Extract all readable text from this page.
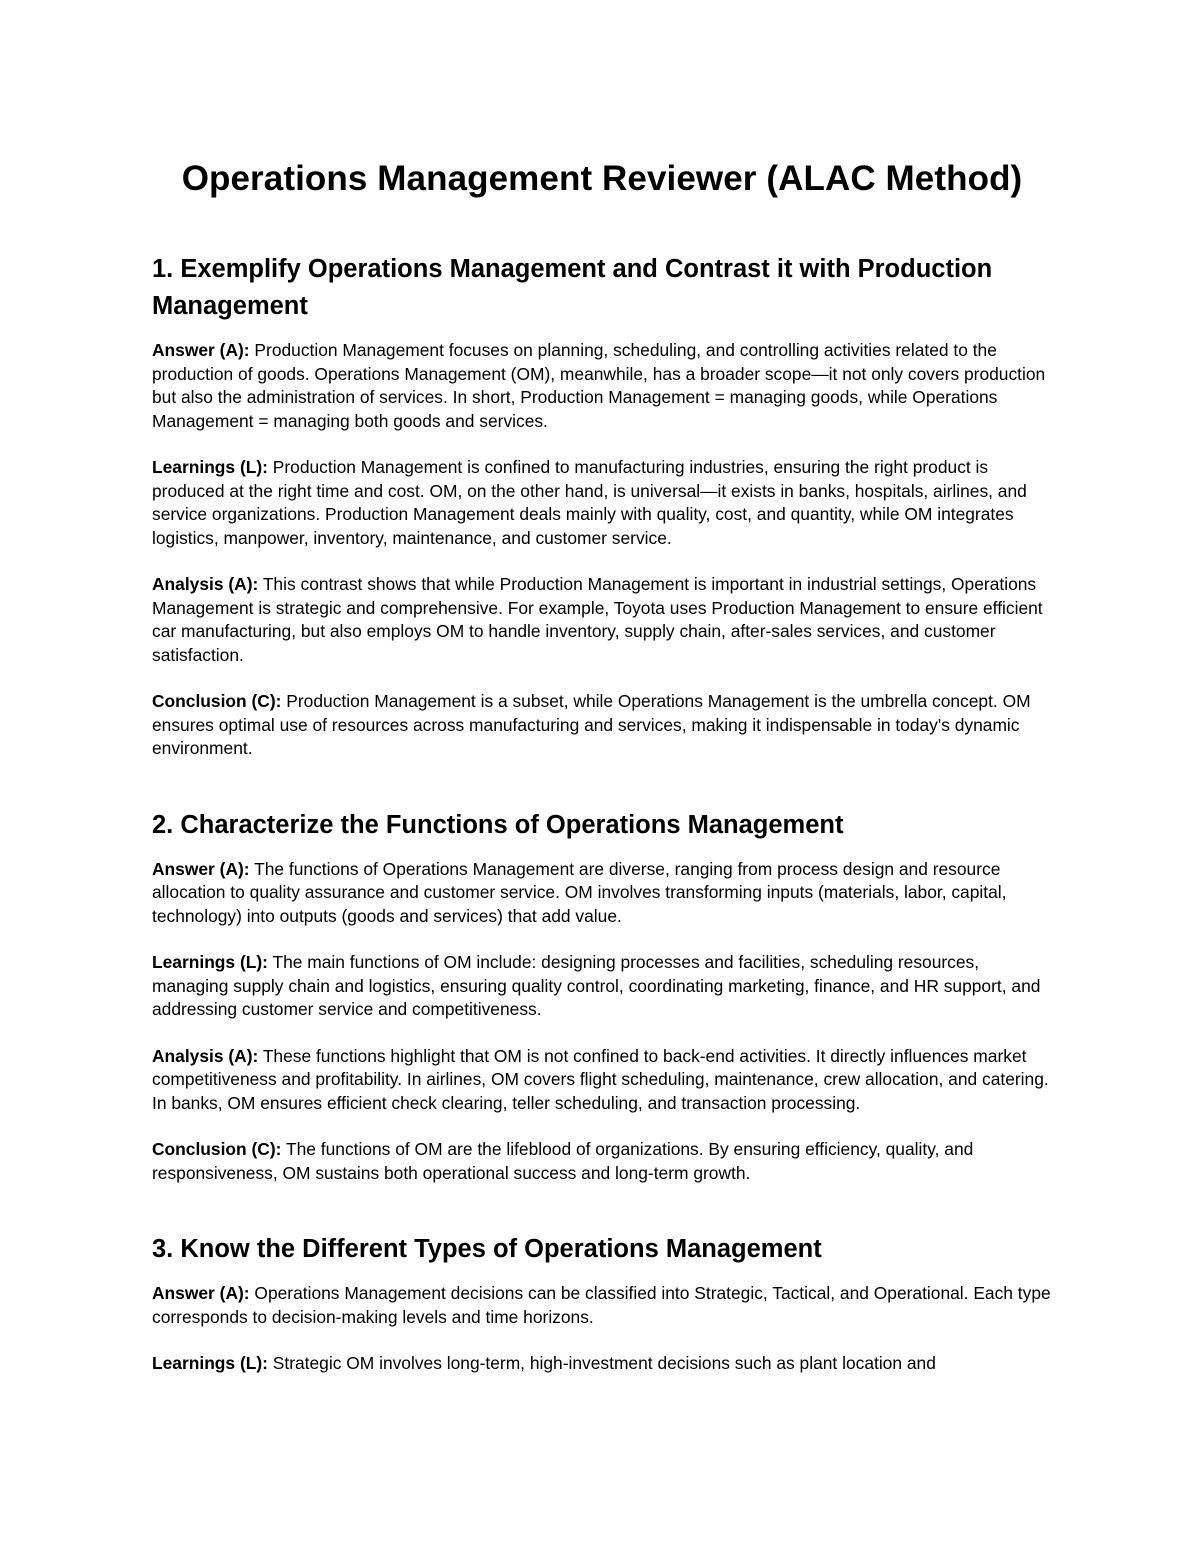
Operations Management Reviewer (ALAC Method)
1. Exemplify Operations Management and Contrast it with Production Management

Answer (A): Production Management focuses on planning, scheduling, and controlling activities related to the production of goods. Operations Management (OM), meanwhile, has a broader scope—it not only covers production but also the administration of services. In short, Production Management = managing goods, while Operations Management = managing both goods and services.

Learnings (L): Production Management is confined to manufacturing industries, ensuring the right product is produced at the right time and cost. OM, on the other hand, is universal—it exists in banks, hospitals, airlines, and service organizations. Production Management deals mainly with quality, cost, and quantity, while OM integrates logistics, manpower, inventory, maintenance, and customer service.

Analysis (A): This contrast shows that while Production Management is important in industrial settings, Operations Management is strategic and comprehensive. For example, Toyota uses Production Management to ensure efficient car manufacturing, but also employs OM to handle inventory, supply chain, after-sales services, and customer satisfaction.

Conclusion (C): Production Management is a subset, while Operations Management is the umbrella concept. OM ensures optimal use of resources across manufacturing and services, making it indispensable in today's dynamic environment.

2. Characterize the Functions of Operations Management

Answer (A): The functions of Operations Management are diverse, ranging from process design and resource allocation to quality assurance and customer service. OM involves transforming inputs (materials, labor, capital, technology) into outputs (goods and services) that add value.

Learnings (L): The main functions of OM include: designing processes and facilities, scheduling resources, managing supply chain and logistics, ensuring quality control, coordinating marketing, finance, and HR support, and addressing customer service and competitiveness.

Analysis (A): These functions highlight that OM is not confined to back-end activities. It directly influences market competitiveness and profitability. In airlines, OM covers flight scheduling, maintenance, crew allocation, and catering. In banks, OM ensures efficient check clearing, teller scheduling, and transaction processing.

Conclusion (C): The functions of OM are the lifeblood of organizations. By ensuring efficiency, quality, and responsiveness, OM sustains both operational success and long-term growth.

3. Know the Different Types of Operations Management

Answer (A): Operations Management decisions can be classified into Strategic, Tactical, and Operational. Each type corresponds to decision-making levels and time horizons.

Learnings (L): Strategic OM involves long-term, high-investment decisions such as plant location and
